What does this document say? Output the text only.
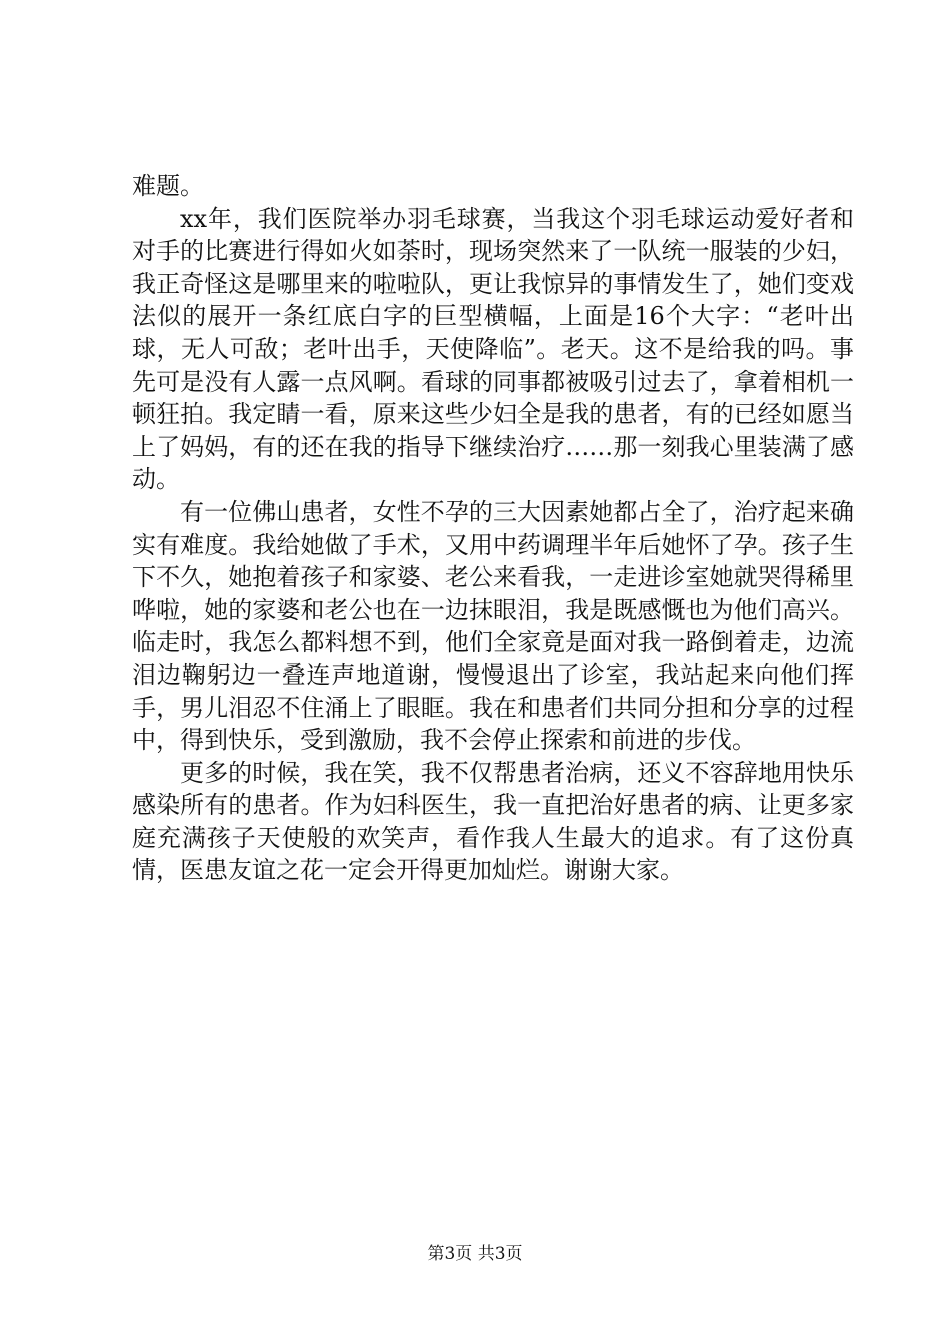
难题。

xx年，我们医院举办羽毛球赛，当我这个羽毛球运动爱好者和对手的比赛进行得如火如荼时，现场突然来了一队统一服装的少妇，我正奇怪这是哪里来的啦啦队，更让我惊异的事情发生了，她们变戏法似的展开一条红底白字的巨型横幅，上面是16个大字：“老叶出球，无人可敌；老叶出手，天使降临”。老天。这不是给我的吗。事先可是没有人露一点风啊。看球的同事都被吸引过去了，拿着相机一顿狂拍。我定睛一看，原来这些少妇全是我的患者，有的已经如愿当上了妈妈，有的还在我的指导下继续治疗……那一刻我心里装满了感动。

有一位佛山患者，女性不孕的三大因素她都占全了，治疗起来确实有难度。我给她做了手术，又用中药调理半年后她怀了孕。孩子生下不久，她抱着孩子和家婆、老公来看我，一走进诊室她就哭得稀里哗啦，她的家婆和老公也在一边抹眼泪，我是既感慨也为他们高兴。临走时，我怎么都料想不到，他们全家竟是面对我一路倒着走，边流泪边鞠躬边一叠连声地道谢，慢慢退出了诊室，我站起来向他们挥手，男儿泪忍不住涌上了眼眶。我在和患者们共同分担和分享的过程中，得到快乐，受到激励，我不会停止探索和前进的步伐。

更多的时候，我在笑，我不仅帮患者治病，还义不容辞地用快乐感染所有的患者。作为妇科医生，我一直把治好患者的病、让更多家庭充满孩子天使般的欢笑声，看作我人生最大的追求。有了这份真情，医患友谊之花一定会开得更加灿烂。谢谢大家。

第3页 共3页
